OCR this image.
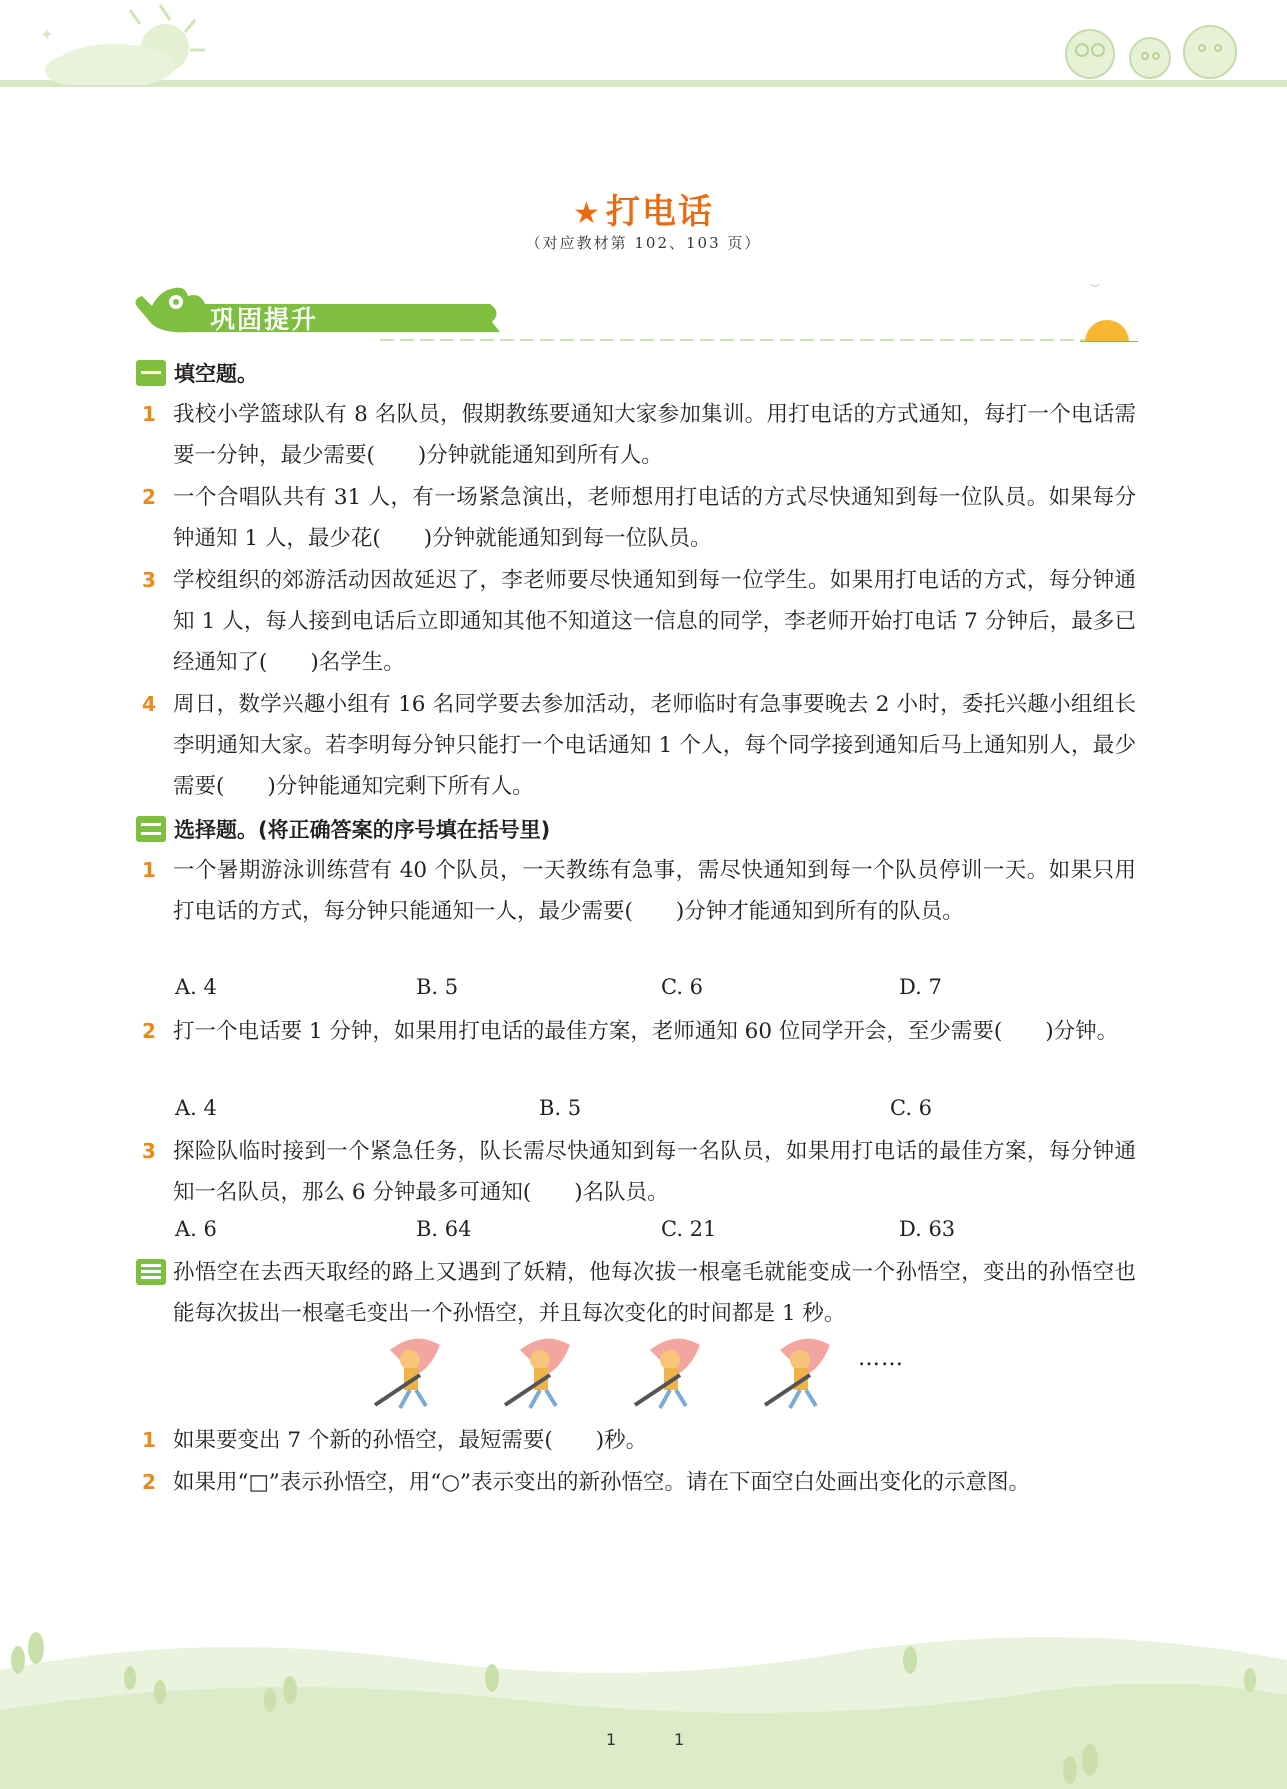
✦
★ 打电话
（对应教材第 102、103 页）
︶
巩固提升
填空题。
1 我校小学篮球队有 8 名队员，假期教练要通知大家参加集训。用打电话的方式通知，每打一个电话需要一分钟，最少需要(　　)分钟就能通知到所有人。
2 一个合唱队共有 31 人，有一场紧急演出，老师想用打电话的方式尽快通知到每一位队员。如果每分钟通知 1 人，最少花(　　)分钟就能通知到每一位队员。
3 学校组织的郊游活动因故延迟了，李老师要尽快通知到每一位学生。如果用打电话的方式，每分钟通知 1 人，每人接到电话后立即通知其他不知道这一信息的同学，李老师开始打电话 7 分钟后，最多已经通知了(　　)名学生。
4 周日，数学兴趣小组有 16 名同学要去参加活动，老师临时有急事要晚去 2 小时，委托兴趣小组组长李明通知大家。若李明每分钟只能打一个电话通知 1 个人，每个同学接到通知后马上通知别人，最少需要(　　)分钟能通知完剩下所有人。
选择题。(将正确答案的序号填在括号里)
1 一个暑期游泳训练营有 40 个队员，一天教练有急事，需尽快通知到每一个队员停训一天。如果只用打电话的方式，每分钟只能通知一人，最少需要(　　)分钟才能通知到所有的队员。
A. 4	B. 5	C. 6	D. 7
2 打一个电话要 1 分钟，如果用打电话的最佳方案，老师通知 60 位同学开会，至少需要(　　)分钟。
A. 4	B. 5	C. 6
3 探险队临时接到一个紧急任务，队长需尽快通知到每一名队员，如果用打电话的最佳方案，每分钟通知一名队员，那么 6 分钟最多可通知(　　)名队员。
A. 6	B. 64	C. 21	D. 63
孙悟空在去西天取经的路上又遇到了妖精，他每次拔一根毫毛就能变成一个孙悟空，变出的孙悟空也能每次拔出一根毫毛变出一个孙悟空，并且每次变化的时间都是 1 秒。
……
1 如果要变出 7 个新的孙悟空，最短需要(　　)秒。
2 如果用“□”表示孙悟空，用“○”表示变出的新孙悟空。请在下面空白处画出变化的示意图。
1	1
